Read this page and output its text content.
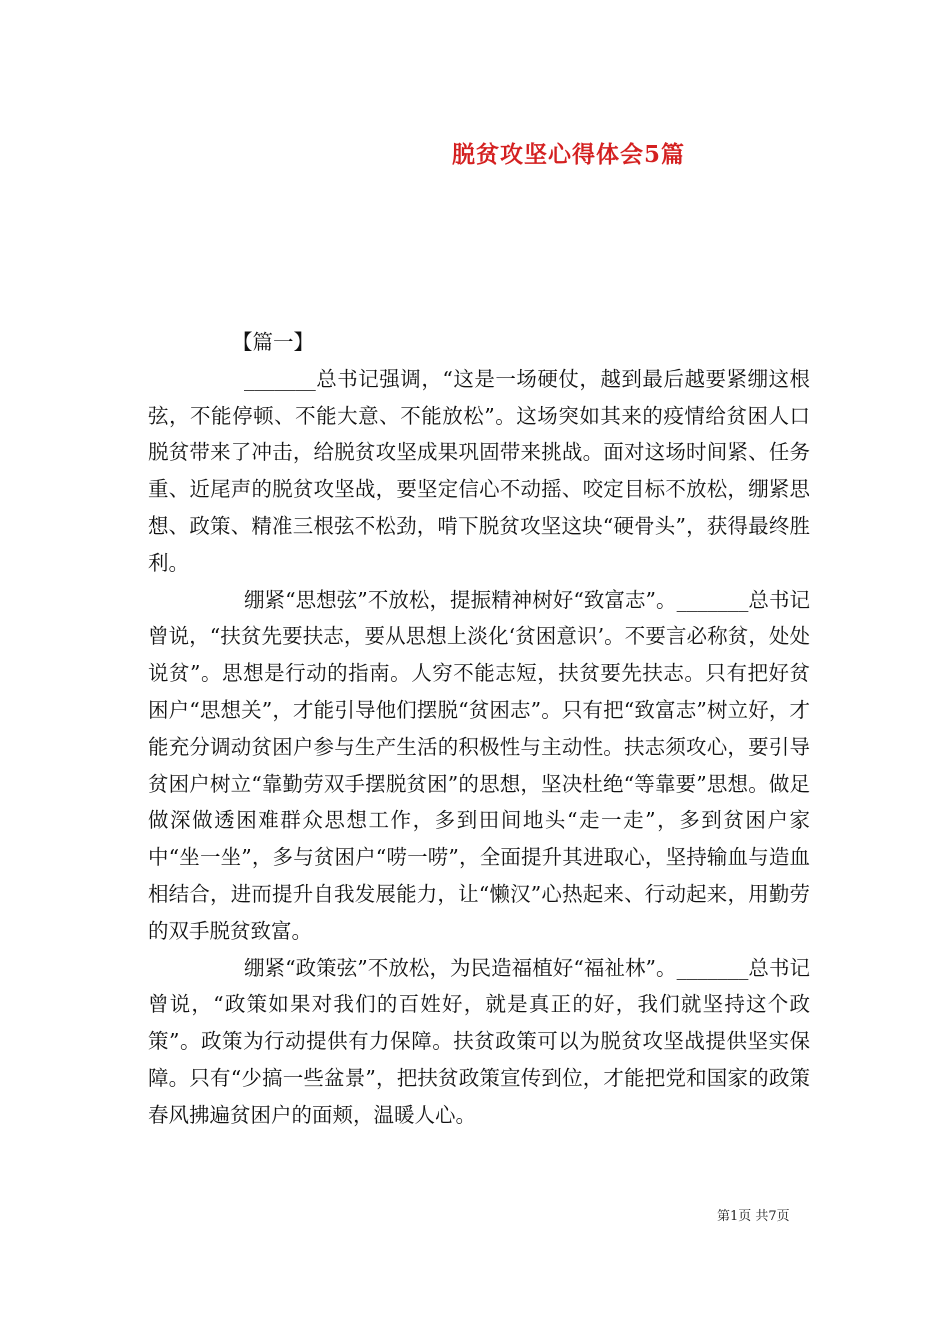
脱贫攻坚心得体会5篇

【篇一】

_______总书记强调，“这是一场硬仗，越到最后越要紧绷这根弦，不能停顿、不能大意、不能放松”。这场突如其来的疫情给贫困人口脱贫带来了冲击，给脱贫攻坚成果巩固带来挑战。面对这场时间紧、任务重、近尾声的脱贫攻坚战，要坚定信心不动摇、咬定目标不放松，绷紧思想、政策、精准三根弦不松劲，啃下脱贫攻坚这块“硬骨头”，获得最终胜利。

绷紧“思想弦”不放松，提振精神树好“致富志”。_______总书记曾说，“扶贫先要扶志，要从思想上淡化‘贫困意识’。不要言必称贫，处处说贫”。思想是行动的指南。人穷不能志短，扶贫要先扶志。只有把好贫困户“思想关”，才能引导他们摆脱“贫困志”。只有把“致富志”树立好，才能充分调动贫困户参与生产生活的积极性与主动性。扶志须攻心，要引导贫困户树立“靠勤劳双手摆脱贫困”的思想，坚决杜绝“等靠要”思想。做足做深做透困难群众思想工作，多到田间地头“走一走”，多到贫困户家中“坐一坐”，多与贫困户“唠一唠”，全面提升其进取心，坚持输血与造血相结合，进而提升自我发展能力，让“懒汉”心热起来、行动起来，用勤劳的双手脱贫致富。

绷紧“政策弦”不放松，为民造福植好“福祉林”。_______总书记曾说，“政策如果对我们的百姓好，就是真正的好，我们就坚持这个政策”。政策为行动提供有力保障。扶贫政策可以为脱贫攻坚战提供坚实保障。只有“少搞一些盆景”，把扶贫政策宣传到位，才能把党和国家的政策春风拂遍贫困户的面颊，温暖人心。

第1页 共7页
